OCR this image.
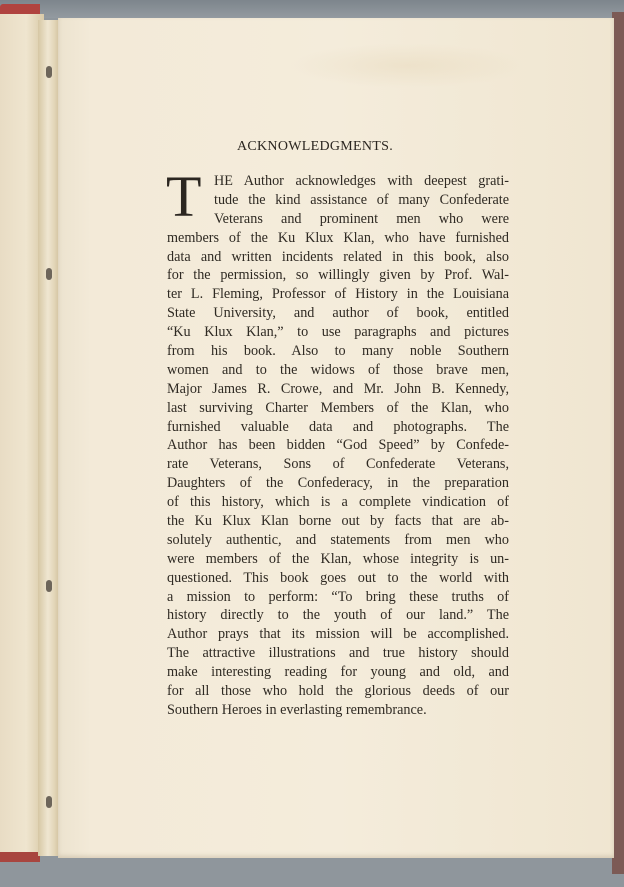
ACKNOWLEDGMENTS.
T HE Author acknowledges with deepest grati-
tude the kind assistance of many Confederate
Veterans and prominent men who were
members of the Ku Klux Klan, who have furnished
data and written incidents related in this book, also
for the permission, so willingly given by Prof. Wal-
ter L. Fleming, Professor of History in the Louisiana
State University, and author of book, entitled
“Ku Klux Klan,” to use paragraphs and pictures
from his book. Also to many noble Southern
women and to the widows of those brave men,
Major James R. Crowe, and Mr. John B. Kennedy,
last surviving Charter Members of the Klan, who
furnished valuable data and photographs. The
Author has been bidden “God Speed” by Confede-
rate Veterans, Sons of Confederate Veterans,
Daughters of the Confederacy, in the preparation
of this history, which is a complete vindication of
the Ku Klux Klan borne out by facts that are ab-
solutely authentic, and statements from men who
were members of the Klan, whose integrity is un-
questioned. This book goes out to the world with
a mission to perform: “To bring these truths of
history directly to the youth of our land.” The
Author prays that its mission will be accomplished.
The attractive illustrations and true history should
make interesting reading for young and old, and
for all those who hold the glorious deeds of our
Southern Heroes in everlasting remembrance.
